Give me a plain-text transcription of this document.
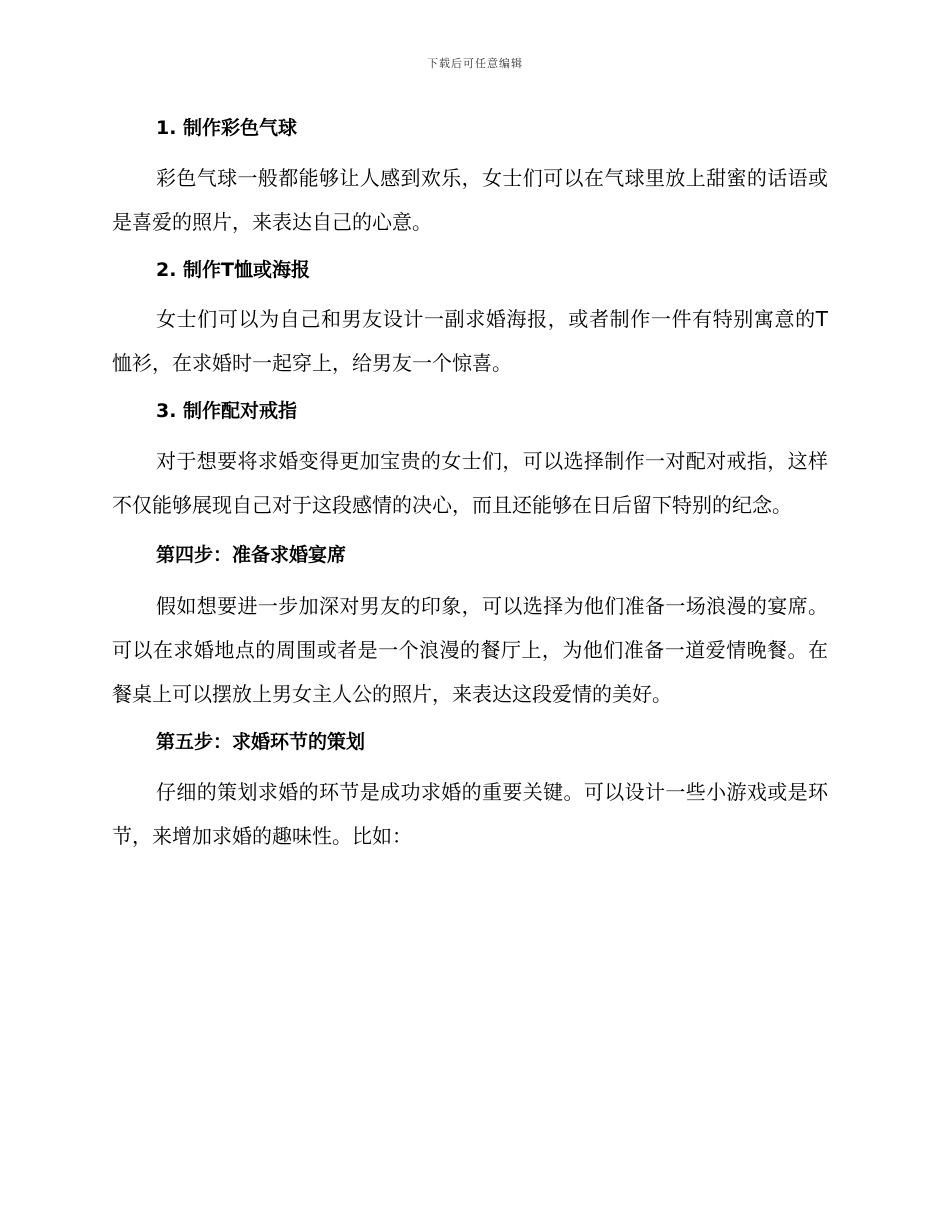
下载后可任意编辑
1. 制作彩色气球

彩色气球一般都能够让人感到欢乐，女士们可以在气球里放上甜蜜的话语或是喜爱的照片，来表达自己的心意。

2. 制作T恤或海报

女士们可以为自己和男友设计一副求婚海报，或者制作一件有特别寓意的T恤衫，在求婚时一起穿上，给男友一个惊喜。

3. 制作配对戒指

对于想要将求婚变得更加宝贵的女士们，可以选择制作一对配对戒指，这样不仅能够展现自己对于这段感情的决心，而且还能够在日后留下特别的纪念。

第四步：准备求婚宴席

假如想要进一步加深对男友的印象，可以选择为他们准备一场浪漫的宴席。可以在求婚地点的周围或者是一个浪漫的餐厅上，为他们准备一道爱情晚餐。在餐桌上可以摆放上男女主人公的照片，来表达这段爱情的美好。

第五步：求婚环节的策划

仔细的策划求婚的环节是成功求婚的重要关键。可以设计一些小游戏或是环节，来增加求婚的趣味性。比如：
